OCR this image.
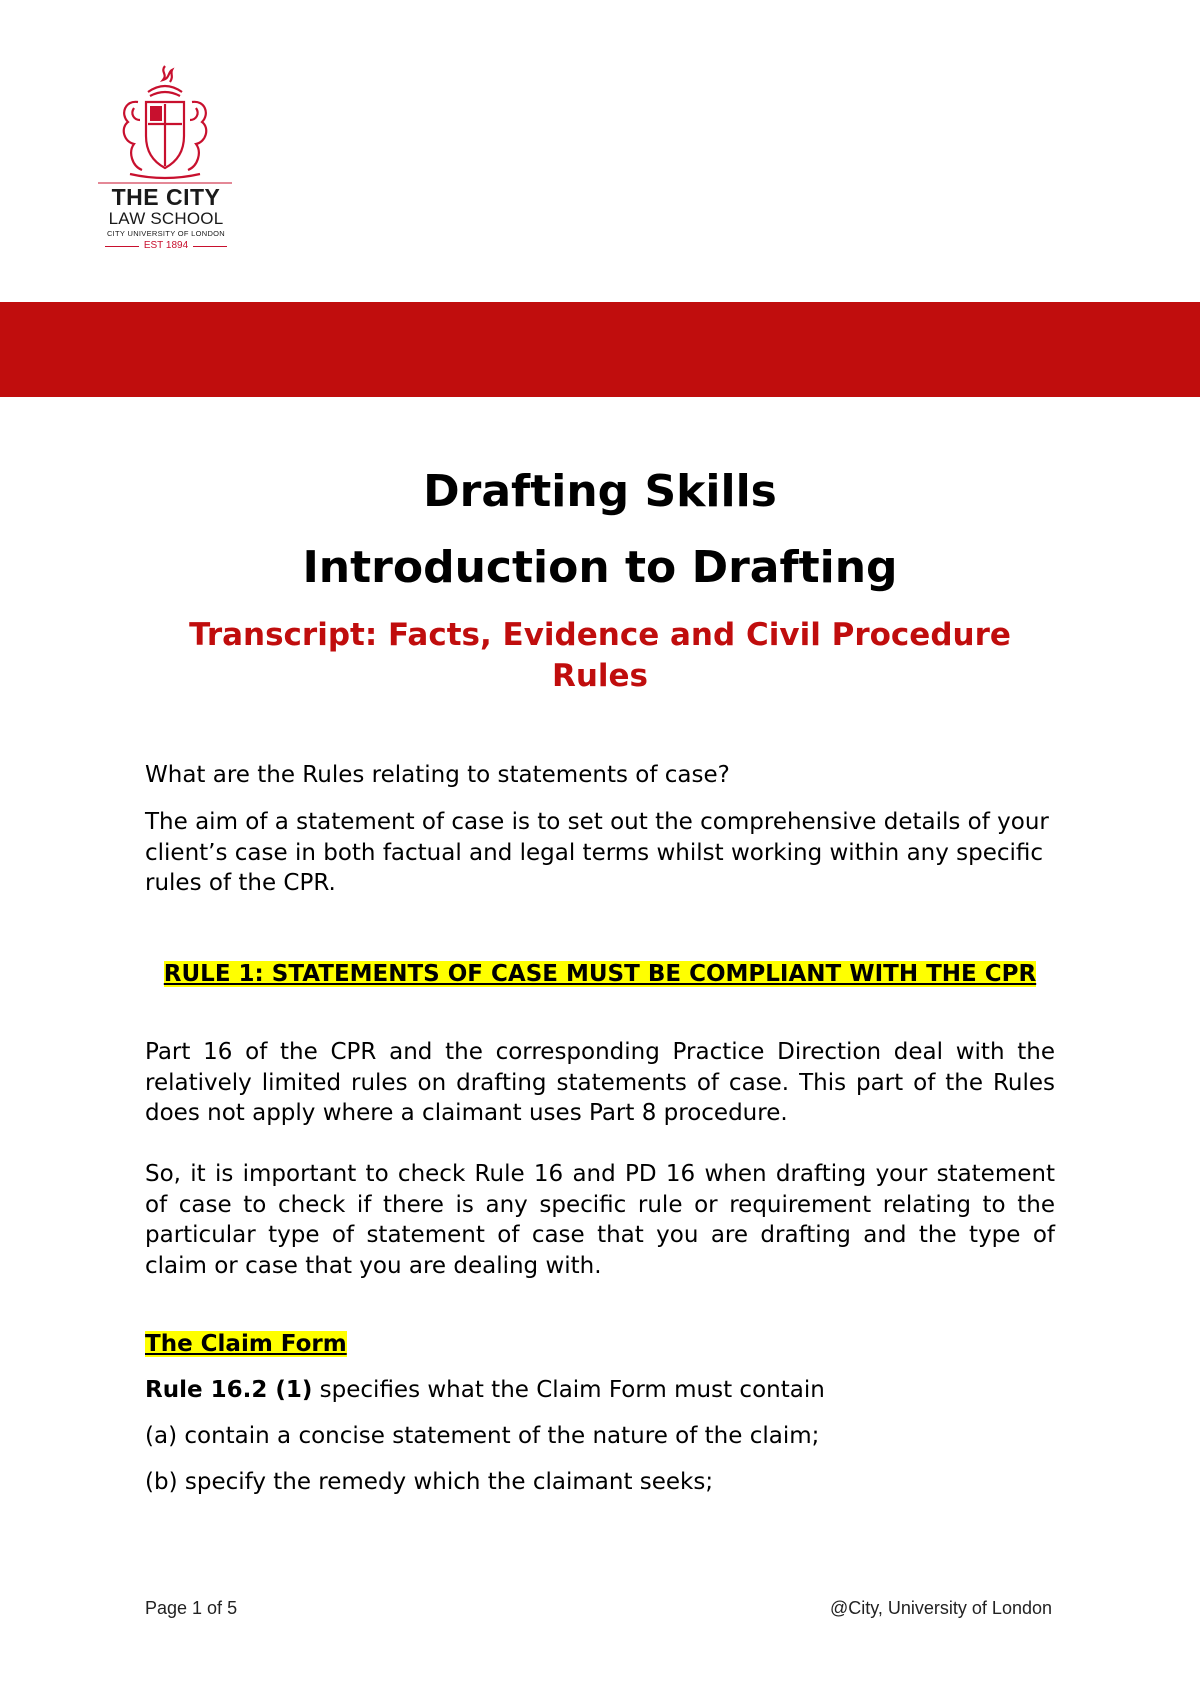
THE CITY
LAW SCHOOL
CITY UNIVERSITY OF LONDON
EST 1894
Drafting Skills
Introduction to Drafting
Transcript: Facts, Evidence and Civil Procedure Rules

What are the Rules relating to statements of case?

The aim of a statement of case is to set out the comprehensive details of your client’s case in both factual and legal terms whilst working within any specific rules of the CPR.

RULE 1: STATEMENTS OF CASE MUST BE COMPLIANT WITH THE CPR

Part 16 of the CPR and the corresponding Practice Direction deal with the relatively limited rules on drafting statements of case. This part of the Rules does not apply where a claimant uses Part 8 procedure.

So, it is important to check Rule 16 and PD 16 when drafting your statement of case to check if there is any specific rule or requirement relating to the particular type of statement of case that you are drafting and the type of claim or case that you are dealing with.

The Claim Form

Rule 16.2 (1) specifies what the Claim Form must contain

(a) contain a concise statement of the nature of the claim;

(b) specify the remedy which the claimant seeks;

Page 1 of 5	@City, University of London
